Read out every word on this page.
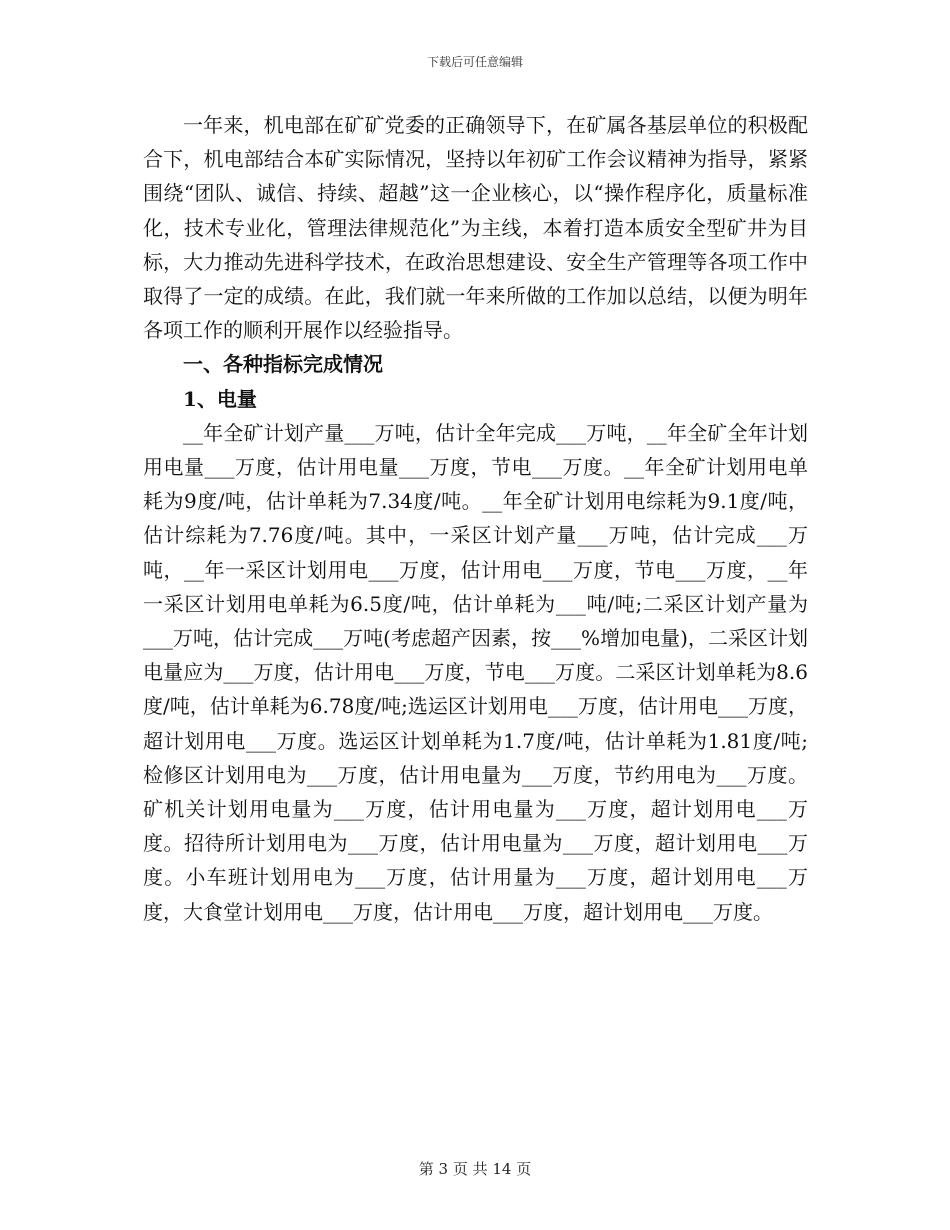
下载后可任意编辑

一年来，机电部在矿矿党委的正确领导下，在矿属各基层单位的积极配合下，机电部结合本矿实际情况，坚持以年初矿工作会议精神为指导，紧紧围绕“团队、诚信、持续、超越”这一企业核心，以“操作程序化，质量标准化，技术专业化，管理法律规范化”为主线，本着打造本质安全型矿井为目标，大力推动先进科学技术，在政治思想建设、安全生产管理等各项工作中取得了一定的成绩。在此，我们就一年来所做的工作加以总结，以便为明年各项工作的顺利开展作以经验指导。

一、各种指标完成情况

1、电量

__年全矿计划产量___万吨，估计全年完成___万吨，__年全矿全年计划用电量___万度，估计用电量___万度，节电___万度。__年全矿计划用电单耗为9度/吨，估计单耗为7.34度/吨。__年全矿计划用电综耗为9.1度/吨，估计综耗为7.76度/吨。其中，一采区计划产量___万吨，估计完成___万吨，__年一采区计划用电___万度，估计用电___万度，节电___万度，__年一采区计划用电单耗为6.5度/吨，估计单耗为___吨/吨;二采区计划产量为___万吨，估计完成___万吨(考虑超产因素，按___%增加电量)，二采区计划电量应为___万度，估计用电___万度，节电___万度。二采区计划单耗为8.6度/吨，估计单耗为6.78度/吨;选运区计划用电___万度，估计用电___万度，超计划用电___万度。选运区计划单耗为1.7度/吨，估计单耗为1.81度/吨;检修区计划用电为___万度，估计用电量为___万度，节约用电为___万度。矿机关计划用电量为___万度，估计用电量为___万度，超计划用电___万度。招待所计划用电为___万度，估计用电量为___万度，超计划用电___万度。小车班计划用电为___万度，估计用量为___万度，超计划用电___万度，大食堂计划用电___万度，估计用电___万度，超计划用电___万度。

第 3 页 共 14 页
